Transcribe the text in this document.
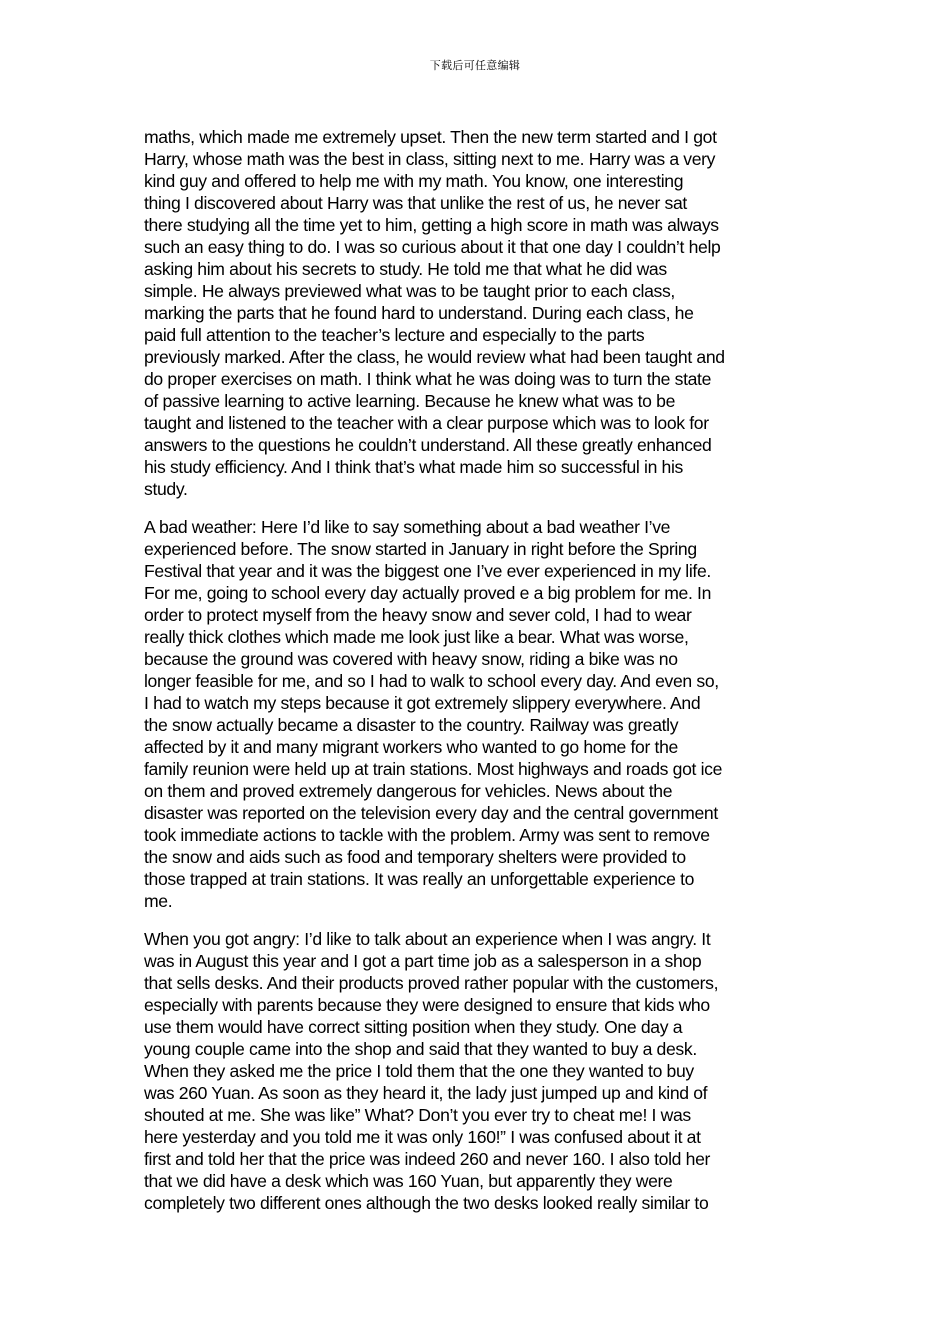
下载后可任意编辑
maths, which made me extremely upset. Then the new term started and I got
Harry, whose math was the best in class, sitting next to me. Harry was a very
kind guy and offered to help me with my math. You know, one interesting
thing I discovered about Harry was that unlike the rest of us, he never sat
there studying all the time yet to him, getting a high score in math was always
such an easy thing to do. I was so curious about it that one day I couldn’t help
asking him about his secrets to study. He told me that what he did was
simple. He always previewed what was to be taught prior to each class,
marking the parts that he found hard to understand. During each class, he
paid full attention to the teacher’s lecture and especially to the parts
previously marked. After the class, he would review what had been taught and
do proper exercises on math. I think what he was doing was to turn the state
of passive learning to active learning. Because he knew what was to be
taught and listened to the teacher with a clear purpose which was to look for
answers to the questions he couldn’t understand. All these greatly enhanced
his study efficiency. And I think that’s what made him so successful in his
study.
A bad weather: Here I’d like to say something about a bad weather I’ve
experienced before. The snow started in January in right before the Spring
Festival that year and it was the biggest one I’ve ever experienced in my life.
For me, going to school every day actually proved e a big problem for me. In
order to protect myself from the heavy snow and sever cold, I had to wear
really thick clothes which made me look just like a bear. What was worse,
because the ground was covered with heavy snow, riding a bike was no
longer feasible for me, and so I had to walk to school every day. And even so,
I had to watch my steps because it got extremely slippery everywhere. And
the snow actually became a disaster to the country. Railway was greatly
affected by it and many migrant workers who wanted to go home for the
family reunion were held up at train stations. Most highways and roads got ice
on them and proved extremely dangerous for vehicles. News about the
disaster was reported on the television every day and the central government
took immediate actions to tackle with the problem. Army was sent to remove
the snow and aids such as food and temporary shelters were provided to
those trapped at train stations. It was really an unforgettable experience to
me.
When you got angry: I’d like to talk about an experience when I was angry. It
was in August this year and I got a part time job as a salesperson in a shop
that sells desks. And their products proved rather popular with the customers,
especially with parents because they were designed to ensure that kids who
use them would have correct sitting position when they study. One day a
young couple came into the shop and said that they wanted to buy a desk.
When they asked me the price I told them that the one they wanted to buy
was 260 Yuan. As soon as they heard it, the lady just jumped up and kind of
shouted at me. She was like” What? Don’t you ever try to cheat me! I was
here yesterday and you told me it was only 160!” I was confused about it at
first and told her that the price was indeed 260 and never 160. I also told her
that we did have a desk which was 160 Yuan, but apparently they were
completely two different ones although the two desks looked really similar to
